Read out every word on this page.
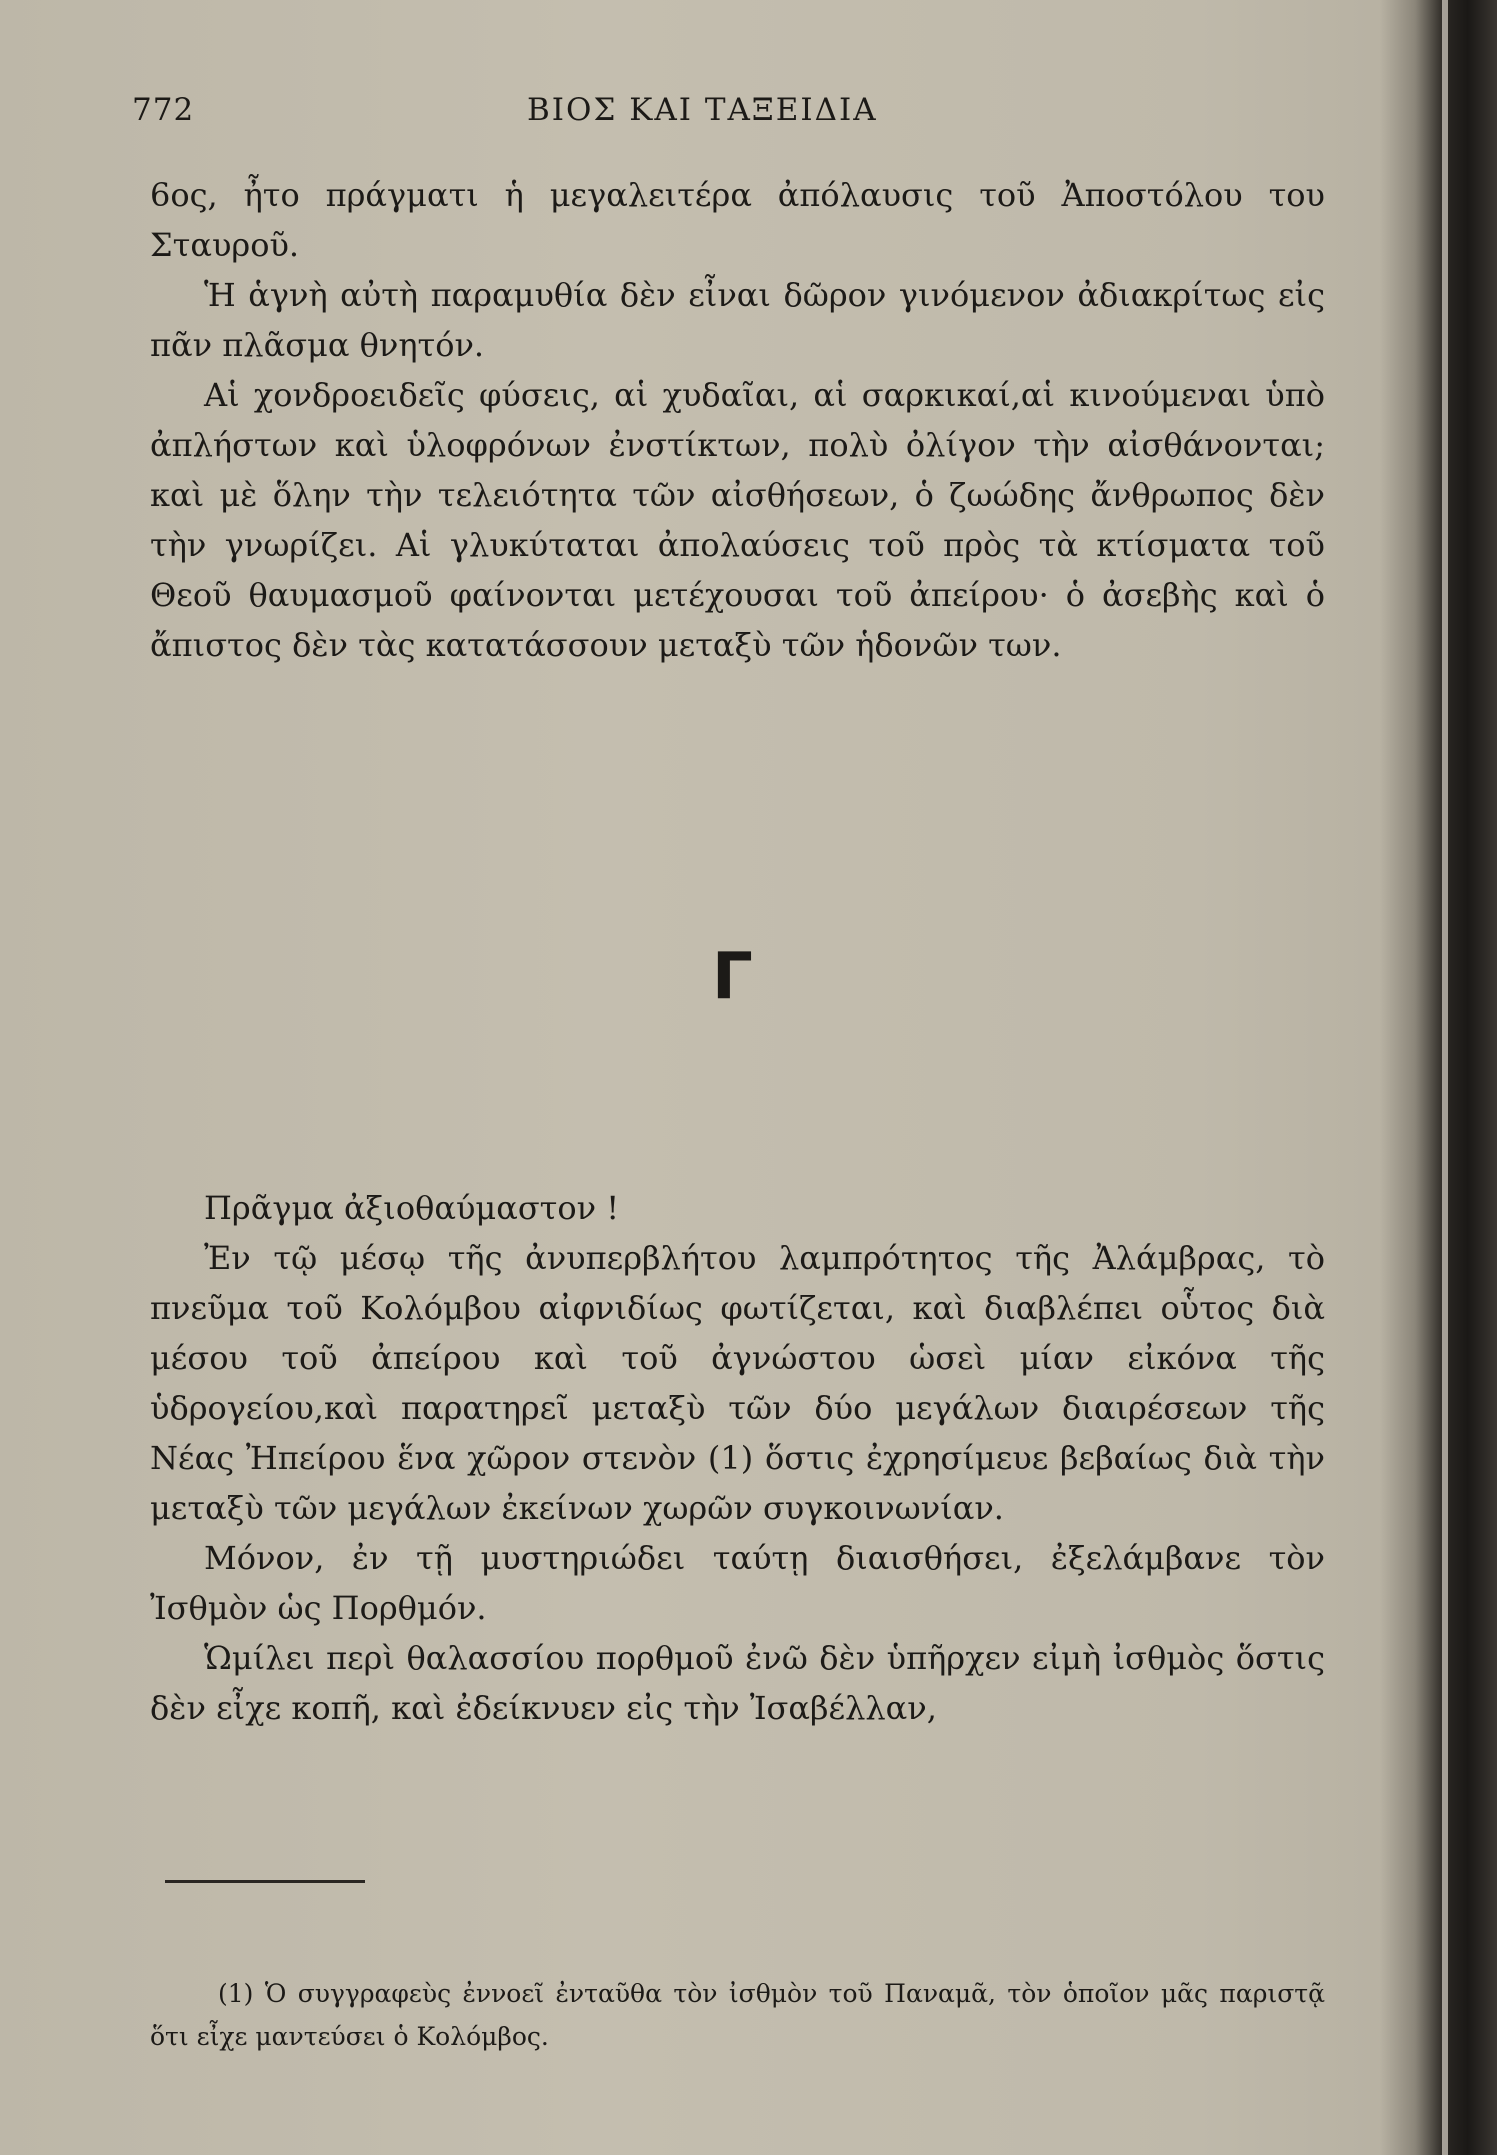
772	ΒΙΟΣ ΚΑΙ ΤΑΞΕΙΔΙΑ

6ος, ἦτο πράγματι ἡ μεγαλειτέρα ἀπόλαυσις τοῦ Ἀποστόλου του Σταυροῦ.

Ἡ ἁγνὴ αὐτὴ παραμυθία δὲν εἶναι δῶρον γινόμενον ἀδιακρίτως εἰς πᾶν πλᾶσμα θνητόν.

Αἱ χονδροειδεῖς φύσεις, αἱ χυδαῖαι, αἱ σαρκικαί,αἱ κινούμεναι ὑπὸ ἀπλήστων καὶ ὑλοφρόνων ἐνστίκτων, πολὺ ὀλίγον τὴν αἰσθάνονται; καὶ μὲ ὅλην τὴν τελειότητα τῶν αἰσθήσεων, ὁ ζωώδης ἄνθρωπος δὲν τὴν γνωρίζει. Αἱ γλυκύταται ἀπολαύσεις τοῦ πρὸς τὰ κτίσματα τοῦ Θεοῦ θαυμασμοῦ φαίνονται μετέχουσαι τοῦ ἀπείρου· ὁ ἀσεβὴς καὶ ὁ ἄπιστος δὲν τὰς κατατάσσουν μεταξὺ τῶν ἡδονῶν των.

Γ

Πρᾶγμα ἀξιοθαύμαστον !

Ἐν τῷ μέσῳ τῆς ἀνυπερβλήτου λαμπρότητος τῆς Ἀλάμβρας, τὸ πνεῦμα τοῦ Κολόμβου αἰφνιδίως φωτίζεται, καὶ διαβλέπει οὗτος διὰ μέσου τοῦ ἀπείρου καὶ τοῦ ἀγνώστου ὡσεὶ μίαν εἰκόνα τῆς ὑδρογείου,καὶ παρατηρεῖ μεταξὺ τῶν δύο μεγάλων διαιρέσεων τῆς Νέας Ἠπείρου ἕνα χῶρον στενὸν (1) ὅστις ἐχρησίμευε βεβαίως διὰ τὴν μεταξὺ τῶν μεγάλων ἐκείνων χωρῶν συγκοινωνίαν.

Μόνον, ἐν τῇ μυστηριώδει ταύτῃ διαισθήσει, ἐξελάμβανε τὸν Ἰσθμὸν ὡς Πορθμόν.

Ὡμίλει περὶ θαλασσίου πορθμοῦ ἐνῶ δὲν ὑπῆρχεν εἰμὴ ἰσθμὸς ὅστις δὲν εἶχε κοπῆ, καὶ ἐδείκνυεν εἰς τὴν Ἰσαβέλλαν,

(1) Ὁ συγγραφεὺς ἐννοεῖ ἐνταῦθα τὸν ἰσθμὸν τοῦ Παναμᾶ, τὸν ὁποῖον μᾶς παριστᾷ ὅτι εἶχε μαντεύσει ὁ Κολόμβος.
